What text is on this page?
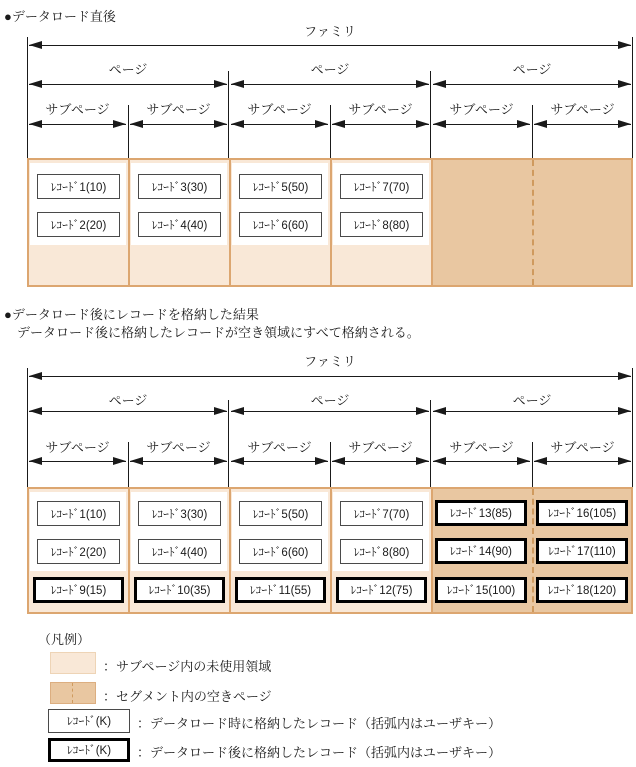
●データロード直後
ファミリ
ページ	ページ	ページ
サブページ	サブページ	サブページ	サブページ	サブページ	サブページ
ﾚｺｰﾄﾞ1(10)
ﾚｺｰﾄﾞ2(20)
ﾚｺｰﾄﾞ3(30)
ﾚｺｰﾄﾞ4(40)
ﾚｺｰﾄﾞ5(50)
ﾚｺｰﾄﾞ6(60)
ﾚｺｰﾄﾞ7(70)
ﾚｺｰﾄﾞ8(80)
●データロード後にレコードを格納した結果
データロード後に格納したレコードが空き領域にすべて格納される。
ファミリ
ページ	ページ	ページ
サブページ	サブページ	サブページ	サブページ	サブページ	サブページ
ﾚｺｰﾄﾞ1(10)
ﾚｺｰﾄﾞ2(20)
ﾚｺｰﾄﾞ9(15)
ﾚｺｰﾄﾞ3(30)
ﾚｺｰﾄﾞ4(40)
ﾚｺｰﾄﾞ10(35)
ﾚｺｰﾄﾞ5(50)
ﾚｺｰﾄﾞ6(60)
ﾚｺｰﾄﾞ11(55)
ﾚｺｰﾄﾞ7(70)
ﾚｺｰﾄﾞ8(80)
ﾚｺｰﾄﾞ12(75)
ﾚｺｰﾄﾞ13(85)
ﾚｺｰﾄﾞ14(90)
ﾚｺｰﾄﾞ15(100)
ﾚｺｰﾄﾞ16(105)
ﾚｺｰﾄﾞ17(110)
ﾚｺｰﾄﾞ18(120)
（凡例）
：サブページ内の未使用領域
：セグメント内の空きページ
ﾚｺｰﾄﾞ(K)	：データロード時に格納したレコード（括弧内はユーザキー）
ﾚｺｰﾄﾞ(K)	：データロード後に格納したレコード（括弧内はユーザキー）
